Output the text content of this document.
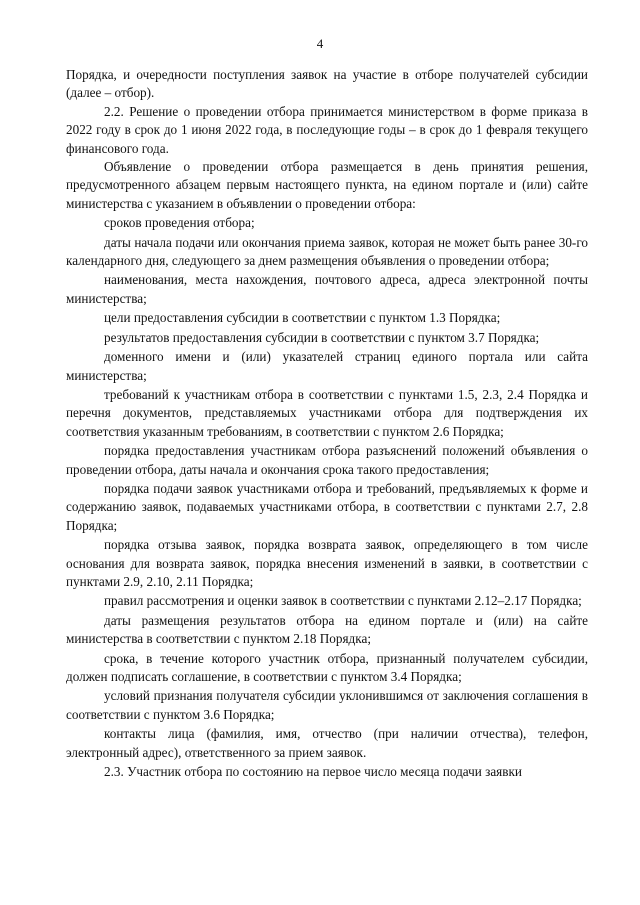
4

Порядка, и очередности поступления заявок на участие в отборе получателей субсидии (далее – отбор).

2.2. Решение о проведении отбора принимается министерством в форме приказа в 2022 году в срок до 1 июня 2022 года, в последующие годы – в срок до 1 февраля текущего финансового года.

Объявление о проведении отбора размещается в день принятия решения, предусмотренного абзацем первым настоящего пункта, на едином портале и (или) сайте министерства с указанием в объявлении о проведении отбора:

сроков проведения отбора;

даты начала подачи или окончания приема заявок, которая не может быть ранее 30-го календарного дня, следующего за днем размещения объявления о проведении отбора;

наименования, места нахождения, почтового адреса, адреса электронной почты министерства;

цели предоставления субсидии в соответствии с пунктом 1.3 Порядка;

результатов предоставления субсидии в соответствии с пунктом 3.7 Порядка;

доменного имени и (или) указателей страниц единого портала или сайта министерства;

требований к участникам отбора в соответствии с пунктами 1.5, 2.3, 2.4 Порядка и перечня документов, представляемых участниками отбора для подтверждения их соответствия указанным требованиям, в соответствии с пунктом 2.6 Порядка;

порядка предоставления участникам отбора разъяснений положений объявления о проведении отбора, даты начала и окончания срока такого предоставления;

порядка подачи заявок участниками отбора и требований, предъявляемых к форме и содержанию заявок, подаваемых участниками отбора, в соответствии с пунктами 2.7, 2.8 Порядка;

порядка отзыва заявок, порядка возврата заявок, определяющего в том числе основания для возврата заявок, порядка внесения изменений в заявки, в соответствии с пунктами 2.9, 2.10, 2.11 Порядка;

правил рассмотрения и оценки заявок в соответствии с пунктами 2.12–2.17 Порядка;

даты размещения результатов отбора на едином портале и (или) на сайте министерства в соответствии с пунктом 2.18 Порядка;

срока, в течение которого участник отбора, признанный получателем субсидии, должен подписать соглашение, в соответствии с пунктом 3.4 Порядка;

условий признания получателя субсидии уклонившимся от заключения соглашения в соответствии с пунктом 3.6 Порядка;

контакты лица (фамилия, имя, отчество (при наличии отчества), телефон, электронный адрес), ответственного за прием заявок.

2.3. Участник отбора по состоянию на первое число месяца подачи заявки
